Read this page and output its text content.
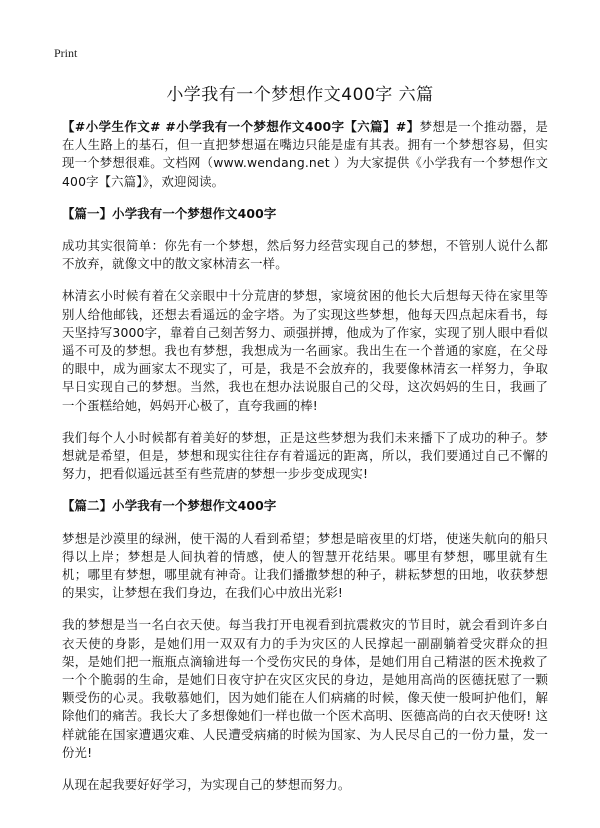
Print
小学我有一个梦想作文400字 六篇

【#小学生作文# #小学我有一个梦想作文400字【六篇】#】梦想是一个推动器，是在人生路上的基石，但一直把梦想逼在嘴边只能是虚有其表。拥有一个梦想容易，但实现一个梦想很难。文档网（www.wendang.net ）为大家提供《小学我有一个梦想作文400字【六篇】》，欢迎阅读。

【篇一】小学我有一个梦想作文400字

成功其实很简单：你先有一个梦想，然后努力经营实现自己的梦想，不管别人说什么都不放弃，就像文中的散文家林清玄一样。

林清玄小时候有着在父亲眼中十分荒唐的梦想，家境贫困的他长大后想每天待在家里等别人给他邮钱，还想去看遥远的金字塔。为了实现这些梦想，他每天四点起床看书，每天坚持写3000字，靠着自己刻苦努力、顽强拼搏，他成为了作家，实现了别人眼中看似遥不可及的梦想。我也有梦想，我想成为一名画家。我出生在一个普通的家庭，在父母的眼中，成为画家太不现实了，可是，我是不会放弃的，我要像林清玄一样努力，争取早日实现自己的梦想。当然，我也在想办法说服自己的父母，这次妈妈的生日，我画了一个蛋糕给她，妈妈开心极了，直夸我画的棒!

我们每个人小时候都有着美好的梦想，正是这些梦想为我们未来播下了成功的种子。梦想就是希望，但是，梦想和现实往往存有着遥远的距离，所以，我们要通过自己不懈的努力，把看似遥远甚至有些荒唐的梦想一步步变成现实!

【篇二】小学我有一个梦想作文400字

梦想是沙漠里的绿洲，使干渴的人看到希望；梦想是暗夜里的灯塔，使迷失航向的船只得以上岸；梦想是人间执着的情感，使人的智慧开花结果。哪里有梦想，哪里就有生机；哪里有梦想，哪里就有神奇。让我们播撒梦想的种子，耕耘梦想的田地，收获梦想的果实，让梦想在我们身边，在我们心中放出光彩!

我的梦想是当一名白衣天使。每当我打开电视看到抗震救灾的节目时，就会看到许多白衣天使的身影，是她们用一双双有力的手为灾区的人民撑起一副副躺着受灾群众的担架，是她们把一瓶瓶点滴输进每一个受伤灾民的身体，是她们用自己精湛的医术挽救了一个个脆弱的生命，是她们日夜守护在灾区灾民的身边，是她用高尚的医德抚慰了一颗颗受伤的心灵。我敬慕她们，因为她们能在人们病痛的时候，像天使一般呵护他们，解除他们的痛苦。我长大了多想像她们一样也做一个医术高明、医德高尚的白衣天使呀! 这样就能在国家遭遇灾难、人民遭受病痛的时候为国家、为人民尽自己的一份力量，发一份光!

从现在起我要好好学习，为实现自己的梦想而努力。
